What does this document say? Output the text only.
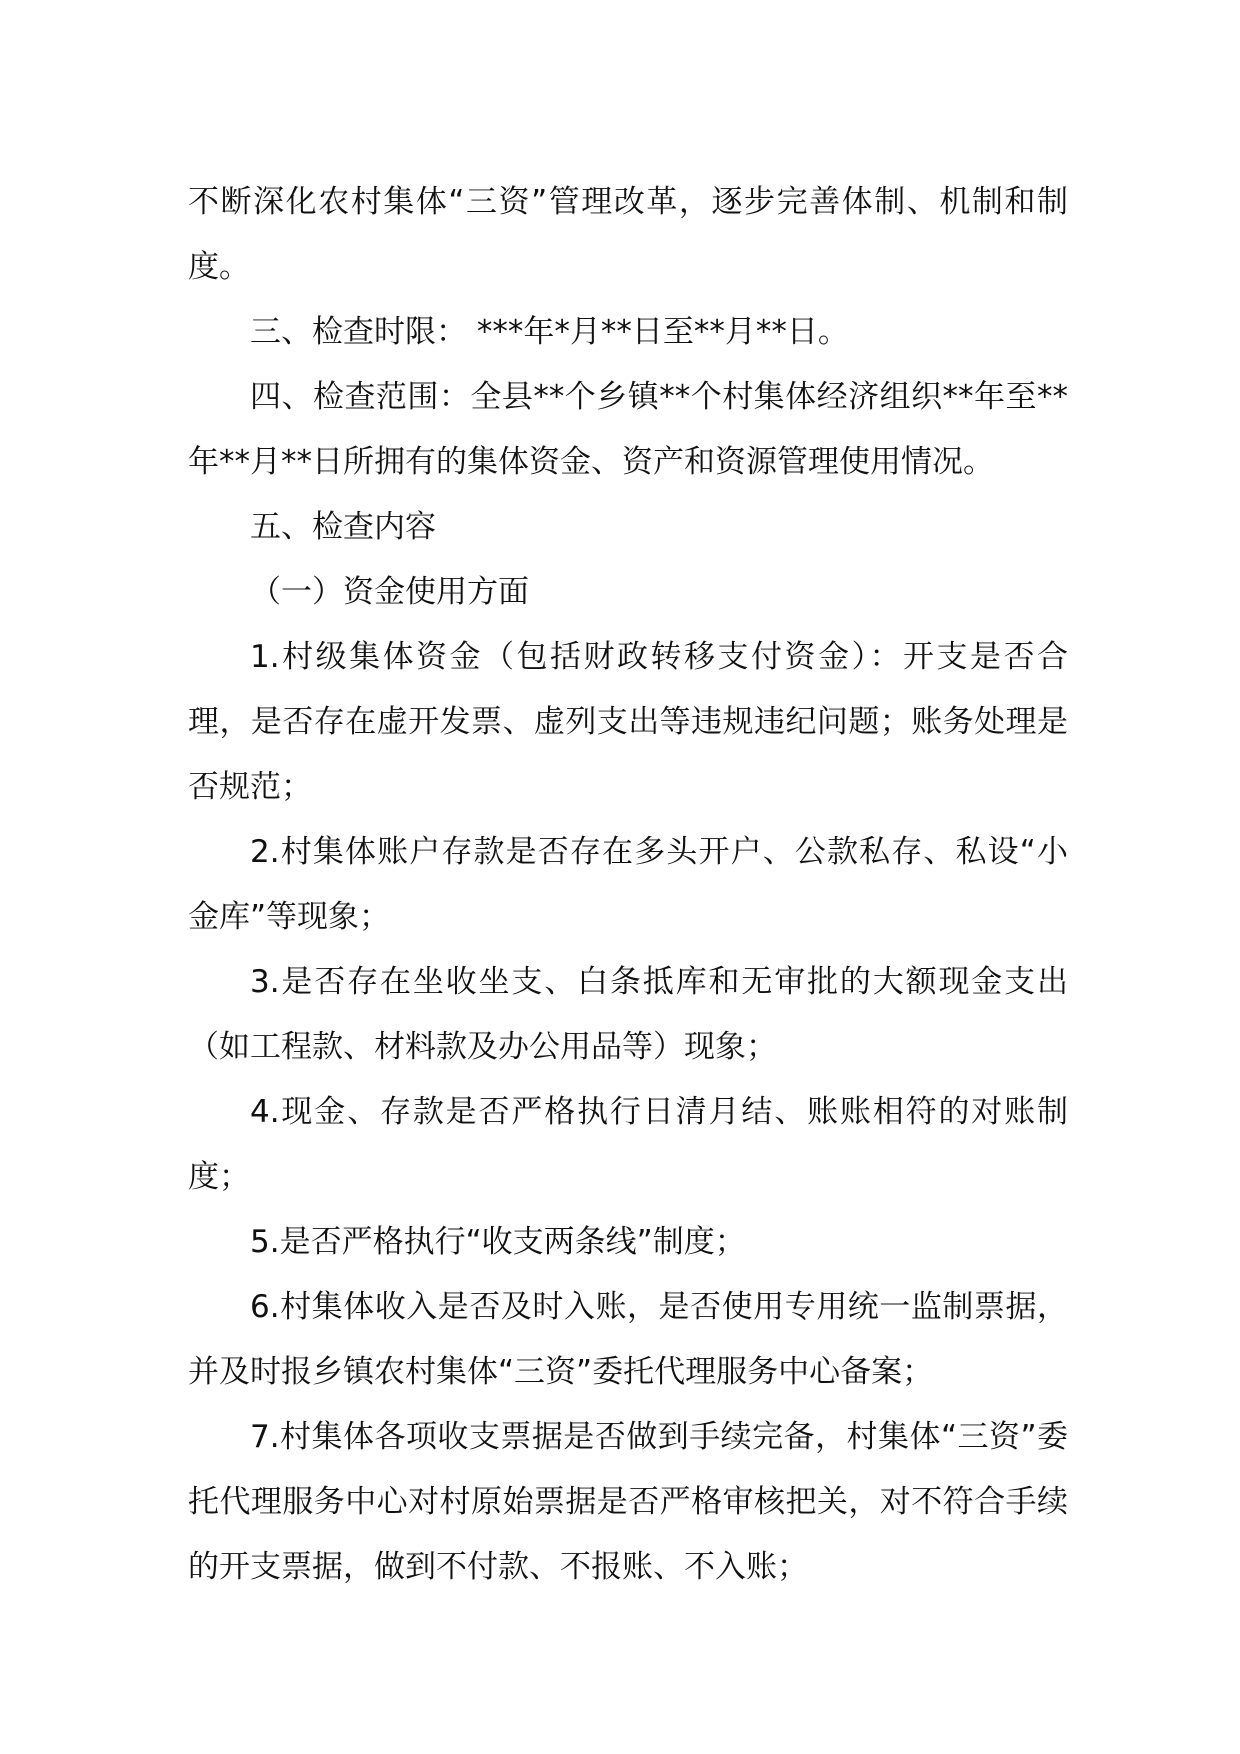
不断深化农村集体“三资”管理改革，逐步完善体制、机制和制度。

三、检查时限： ***年*月**日至**月**日。

四、检查范围：全县**个乡镇**个村集体经济组织**年至**年**月**日所拥有的集体资金、资产和资源管理使用情况。

五、检查内容

（一）资金使用方面

1.村级集体资金（包括财政转移支付资金）：开支是否合理，是否存在虚开发票、虚列支出等违规违纪问题；账务处理是否规范；

2.村集体账户存款是否存在多头开户、公款私存、私设“小金库”等现象；

3.是否存在坐收坐支、白条抵库和无审批的大额现金支出（如工程款、材料款及办公用品等）现象；

4.现金、存款是否严格执行日清月结、账账相符的对账制度；

5.是否严格执行“收支两条线”制度；

6.村集体收入是否及时入账，是否使用专用统一监制票据，并及时报乡镇农村集体“三资”委托代理服务中心备案；

7.村集体各项收支票据是否做到手续完备，村集体“三资”委托代理服务中心对村原始票据是否严格审核把关，对不符合手续的开支票据，做到不付款、不报账、不入账；
